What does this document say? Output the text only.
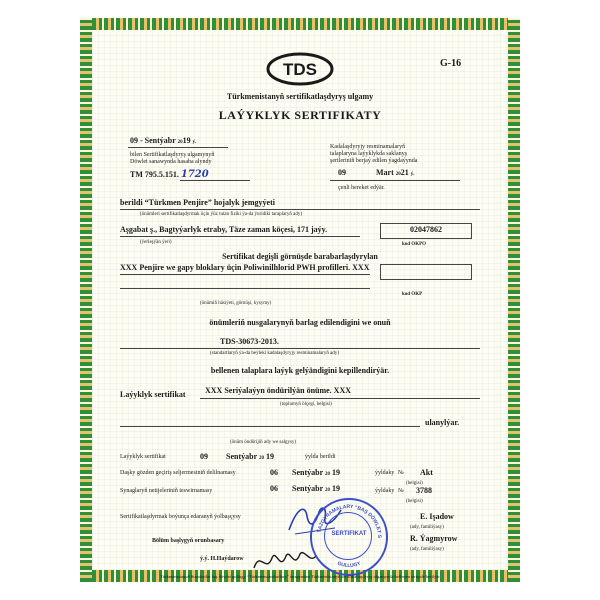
G-16
TDS
Türkmenistanyň sertifikatlaşdyryş ulgamy
LAÝYKLYK SERTIFIKATY
09 - Sentýabr 2019 ý.
bilen Sertifikatlaşdyryş ulgamynyň
Döwlet sanawynda hasaba alyndy
TM 795.5.151. 1720
Kadalaşdyryjy resminamalaryň
talaplaryna laýyklykda saklanyş
şertleriniň berjaý edilen ýagdaýynda
09	Mart 2021 ý.
çenli hereket edýär.
berildi “Türkmen Penjire” hojalyk jemgyýeti
(önümleri sertifikatlaşdyrmak üçin ýüz tutan fiziki ýa-da ýuridiki taraplaryň ady)
Aşgabat ş., Bagtyýarlyk etraby, Täze zaman köçesi, 171 jaýy.	02047862
(ýerleşýän ýeri)	kod OKPO
Sertifikat degişli görnüşde barabarlaşdyrylan
XXX Penjire we gapy bloklary üçin Poliwinilhlorid PWH profilleri. XXX
kod OKP
(önümiň häsiýeti, görnüşi, kysymy)
önümleriň nusgalarynyň barlag edilendigini we onuň
TDS-30673-2013.
(standartlaryň ýa-da beýleki kadalaşdyryjy resminamalaryň ady)
bellenen talaplara laýyk gelýändigini kepillendirýär.
Laýyklyk sertifikat XXX Seriýalaýyn öndürilýän önüme. XXX
(toplumyň ölçegi, belgisi)
ulanylýar.
(önüm öndürijiň ady we salgysy)
Laýyklyk sertifikat	09 Sentýabr 20 19	ýylda berildi
Daşky gözden geçiriş seljermesiniň delilnamasy	06 Sentýabr 20 19	ýyldaky № Akt
(belgisi)
Synaglaryň netijeleriniň teswirnamasy	06 Sentýabr 20 19	ýyldaky № 3788
(belgisi)
Sertifikatlaşdyrmak boýunça edaranyň ýolbaşçysy	E. Işadow
(ady, familiýasy)
Bölüm başlygyň orunbasary	R. Ýagmyrow
(ady, familiýasy)
ý.ý. H.Haýdarow
ÝAZGYNAMALARY “BAŞ DÖWLET S
GULLUGY
SERTIFIKAT
Türkmenistanyň Standartlar baş döwlet gullugy “Türkmenstandartlary” tarapyndan Türkmenistanyň sertifikatlaşdyryş ulgamynda bellenen tertipde berilýär
